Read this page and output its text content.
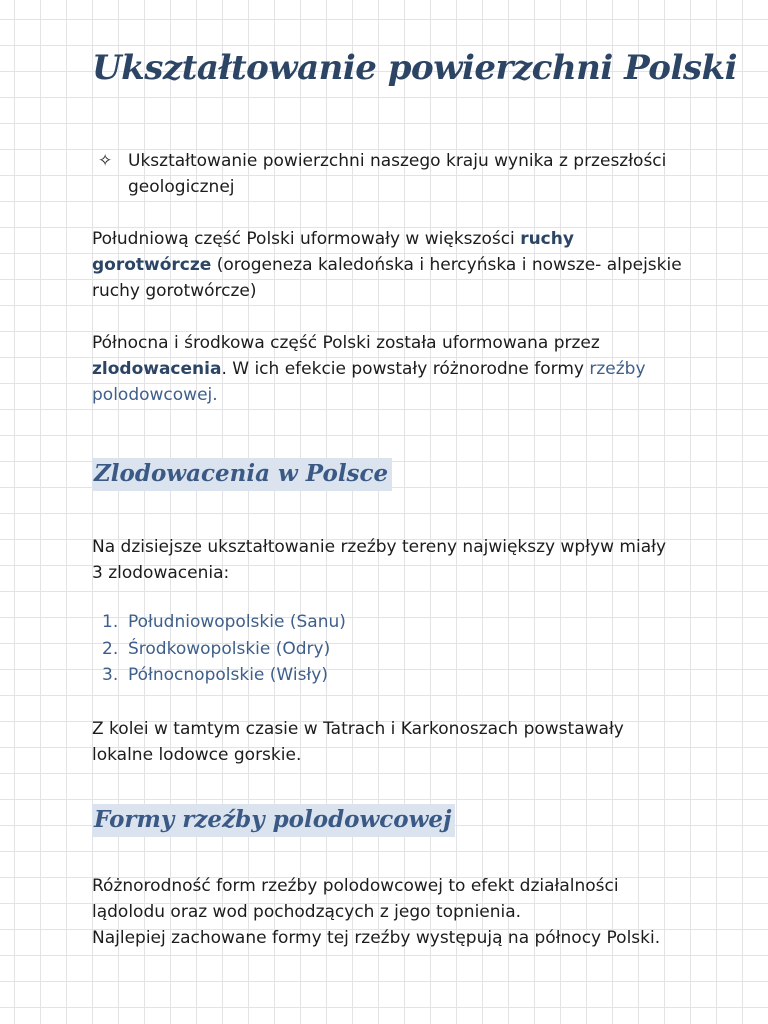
Ukształtowanie powierzchni Polski
✧ Ukształtowanie powierzchni naszego kraju wynika z przeszłości geologicznej

Południową część Polski uformowały w większości ruchy gorotwórcze (orogeneza kaledońska i hercyńska i nowsze- alpejskie ruchy gorotwórcze)

Północna i środkowa część Polski została uformowana przez zlodowacenia. W ich efekcie powstały różnorodne formy rzeźby polodowcowej.

Zlodowacenia w Polsce

Na dzisiejsze ukształtowanie rzeźby tereny największy wpływ miały 3 zlodowacenia:

1. Południowopolskie (Sanu)
2. Środkowopolskie (Odry)
3. Północnopolskie (Wisły)

Z kolei w tamtym czasie w Tatrach i Karkonoszach powstawały lokalne lodowce gorskie.

Formy rzeźby polodowcowej

Różnorodność form rzeźby polodowcowej to efekt działalności lądolodu oraz wod pochodzących z jego topnienia.
Najlepiej zachowane formy tej rzeźby występują na północy Polski.
